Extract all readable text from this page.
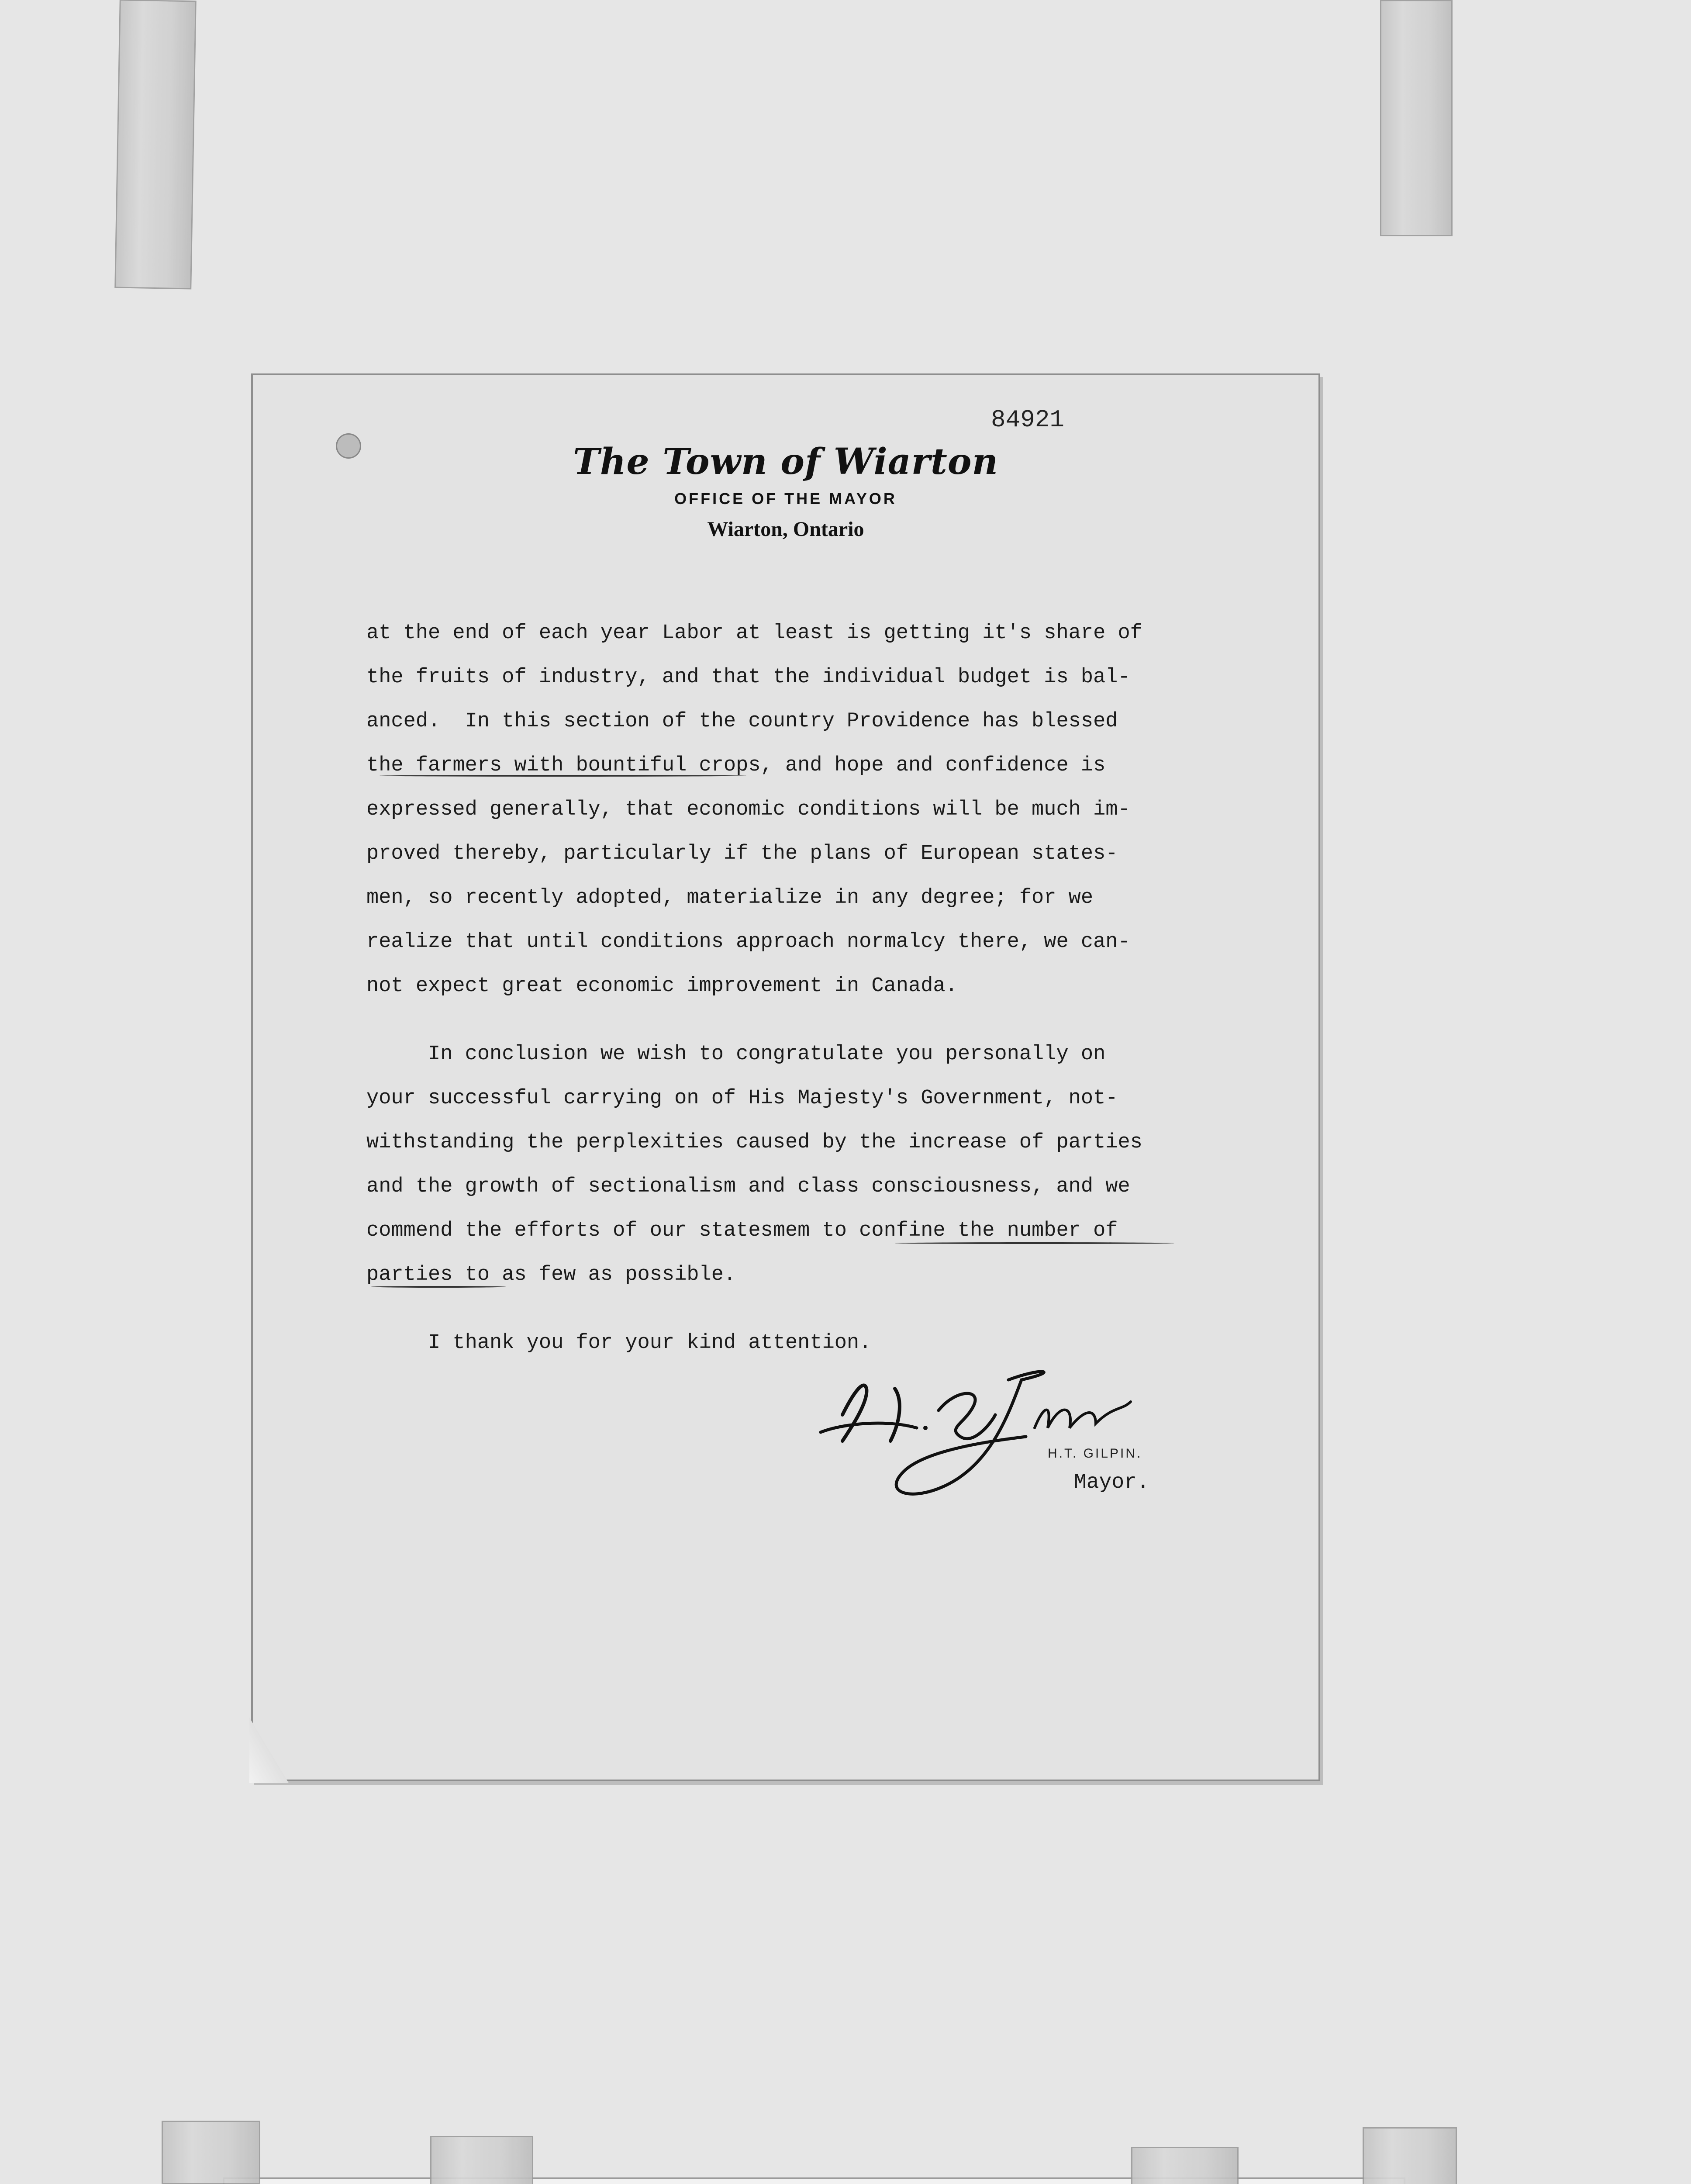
84921
The Town of Wiarton
OFFICE OF THE MAYOR
Wiarton, Ontario
at the end of each year Labor at least is getting it's share of
the fruits of industry, and that the individual budget is bal-
anced.  In this section of the country Providence has blessed
the farmers with bountiful crops, and hope and confidence is
expressed generally, that economic conditions will be much im-
proved thereby, particularly if the plans of European states-
men, so recently adopted, materialize in any degree; for we
realize that until conditions approach normalcy there, we can-
not expect great economic improvement in Canada.
In conclusion we wish to congratulate you personally on
your successful carrying on of His Majesty's Government, not-
withstanding the perplexities caused by the increase of parties
and the growth of sectionalism and class consciousness, and we
commend the efforts of our statesmem to confine the number of
parties to as few as possible.
I thank you for your kind attention.
H.T. GILPIN.
Mayor.
